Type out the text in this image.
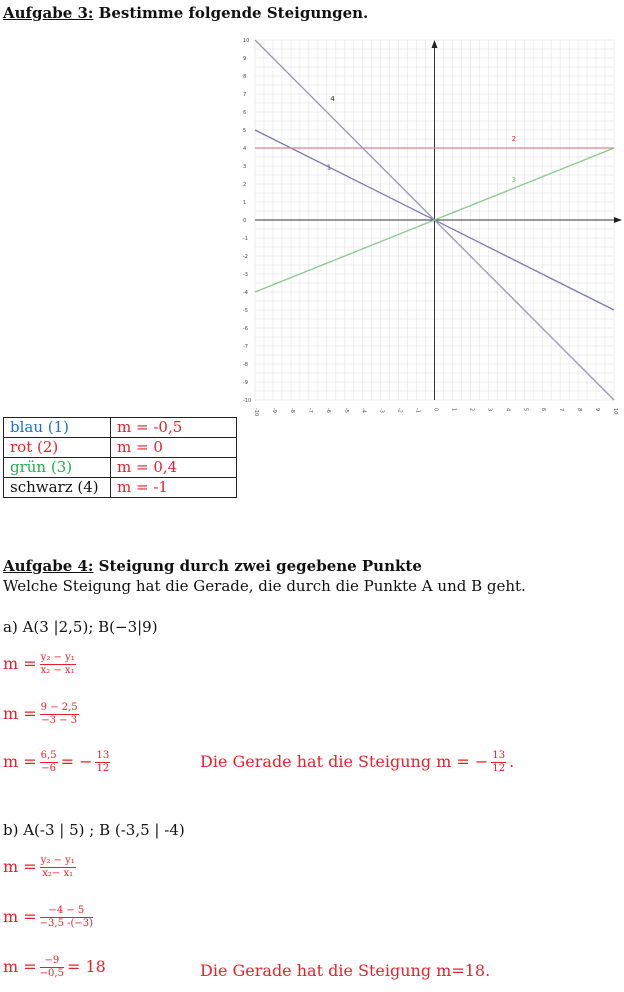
Aufgabe 3: Bestimme folgende Steigungen.
-10
-9
-8
-7
-6
-5
-4
-3
-2
-1
0
1
2
3
4
5
6
7
8
9
10
-10 -9 -8 -7 -6 -5 -4 -3 -2 -1 0 1 2 3 4 5 6 7 8 9 10
1
2
3
4
blau (1)	m = -0,5
rot (2)	m = 0
grün (3)	m = 0,4
schwarz (4)	m = -1
Aufgabe 4: Steigung durch zwei gegebene Punkte
Welche Steigung hat die Gerade, die durch die Punkte A und B geht.
a) A(3 |2,5); B(−3|9)
$m = \frac{\text{y₂ − y₁}}{\text{x₂ − x₁}}$
$m = \frac{9 - 2,5}{-3 - 3}$
$m = \frac{6,5}{-6}$ = − $\frac{13}{12}$	Die Gerade hat die Steigung m = − $\frac{13}{12}$ .
b) A(-3 | 5) ; B (-3,5 | -4)
$m = \frac{\text{y₂ − y₁}}{\text{x₂− x₁}}$
$m = \frac{-4 - 5}{-3,5 -(-3)}$
$m = \frac{-9}{-0,5} = 18$	Die Gerade hat die Steigung m=18.
